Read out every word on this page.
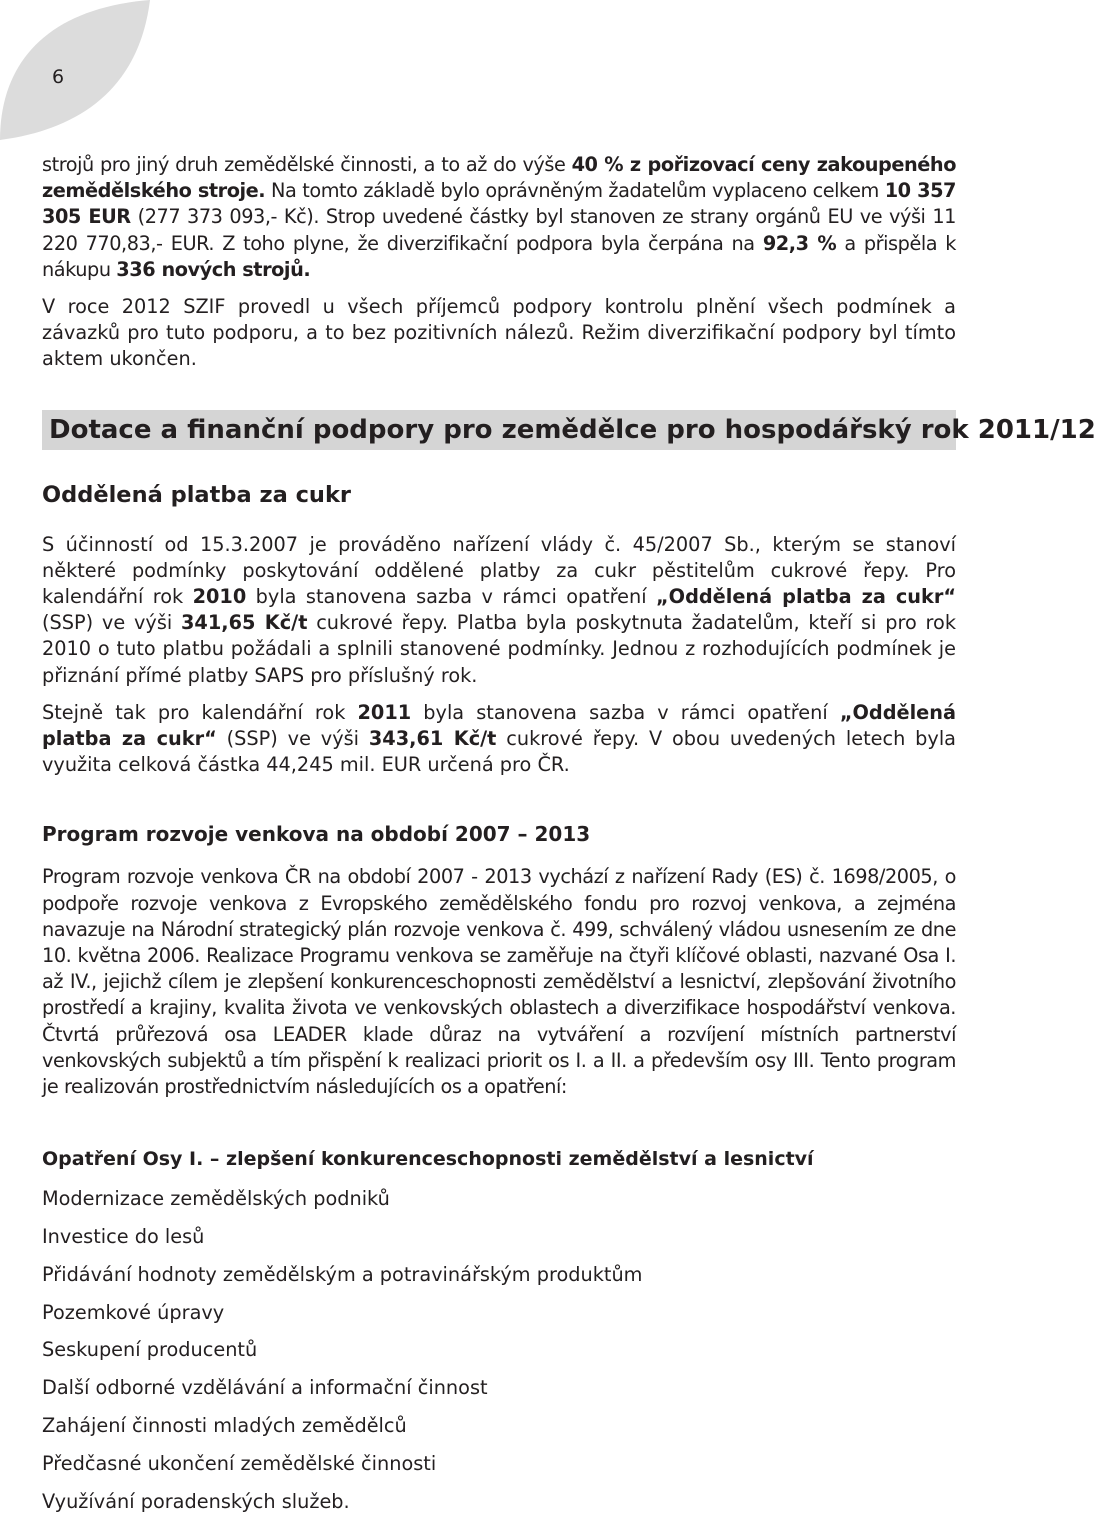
6

strojů pro jiný druh zemědělské činnosti, a to až do výše 40 % z pořizovací ceny zakoupeného zemědělského stroje. Na tomto základě bylo oprávněným žadatelům vyplaceno celkem 10 357 305 EUR (277 373 093,- Kč). Strop uvedené částky byl stanoven ze strany orgánů EU ve výši 11 220 770,83,- EUR. Z toho plyne, že diverzifikační podpora byla čerpána na 92,3 % a přispěla k nákupu 336 nových strojů.

V roce 2012 SZIF provedl u všech příjemců podpory kontrolu plnění všech podmínek a závazků pro tuto podporu, a to bez pozitivních nálezů. Režim diverzifikační podpory byl tímto aktem ukončen.

Dotace a finanční podpory pro zemědělce pro hospodářský rok 2011/12
Oddělená platba za cukr

S účinností od 15.3.2007 je prováděno nařízení vlády č. 45/2007 Sb., kterým se stanoví některé podmínky poskytování oddělené platby za cukr pěstitelům cukrové řepy. Pro kalendářní rok 2010 byla stanovena sazba v rámci opatření „Oddělená platba za cukr“ (SSP) ve výši 341,65 Kč/t cukrové řepy. Platba byla poskytnuta žadatelům, kteří si pro rok 2010 o tuto platbu požádali a splnili stanovené podmínky. Jednou z rozhodujících podmínek je přiznání přímé platby SAPS pro příslušný rok.

Stejně tak pro kalendářní rok 2011 byla stanovena sazba v rámci opatření „Oddělená platba za cukr“ (SSP) ve výši 343,61 Kč/t cukrové řepy. V obou uvedených letech byla využita celková částka 44,245 mil. EUR určená pro ČR.

Program rozvoje venkova na období 2007 – 2013

Program rozvoje venkova ČR na období 2007 - 2013 vychází z nařízení Rady (ES) č. 1698/2005, o podpoře rozvoje venkova z Evropského zemědělského fondu pro rozvoj venkova, a zejména navazuje na Národní strategický plán rozvoje venkova č. 499, schválený vládou usnesením ze dne 10. května 2006. Realizace Programu venkova se zaměřuje na čtyři klíčové oblasti, nazvané Osa I. až IV., jejichž cílem je zlepšení konkurenceschopnosti zemědělství a lesnictví, zlepšování životního prostředí a krajiny, kvalita života ve venkovských oblastech a diverzifikace hospodářství venkova. Čtvrtá průřezová osa LEADER klade důraz na vytváření a rozvíjení místních partnerství venkovských subjektů a tím přispění k realizaci priorit os I. a II. a především osy III. Tento program je realizován prostřednictvím následujících os a opatření:

Opatření Osy I. – zlepšení konkurenceschopnosti zemědělství a lesnictví
Modernizace zemědělských podniků
Investice do lesů
Přidávání hodnoty zemědělským a potravinářským produktům
Pozemkové úpravy
Seskupení producentů
Další odborné vzdělávání a informační činnost
Zahájení činnosti mladých zemědělců
Předčasné ukončení zemědělské činnosti
Využívání poradenských služeb.
